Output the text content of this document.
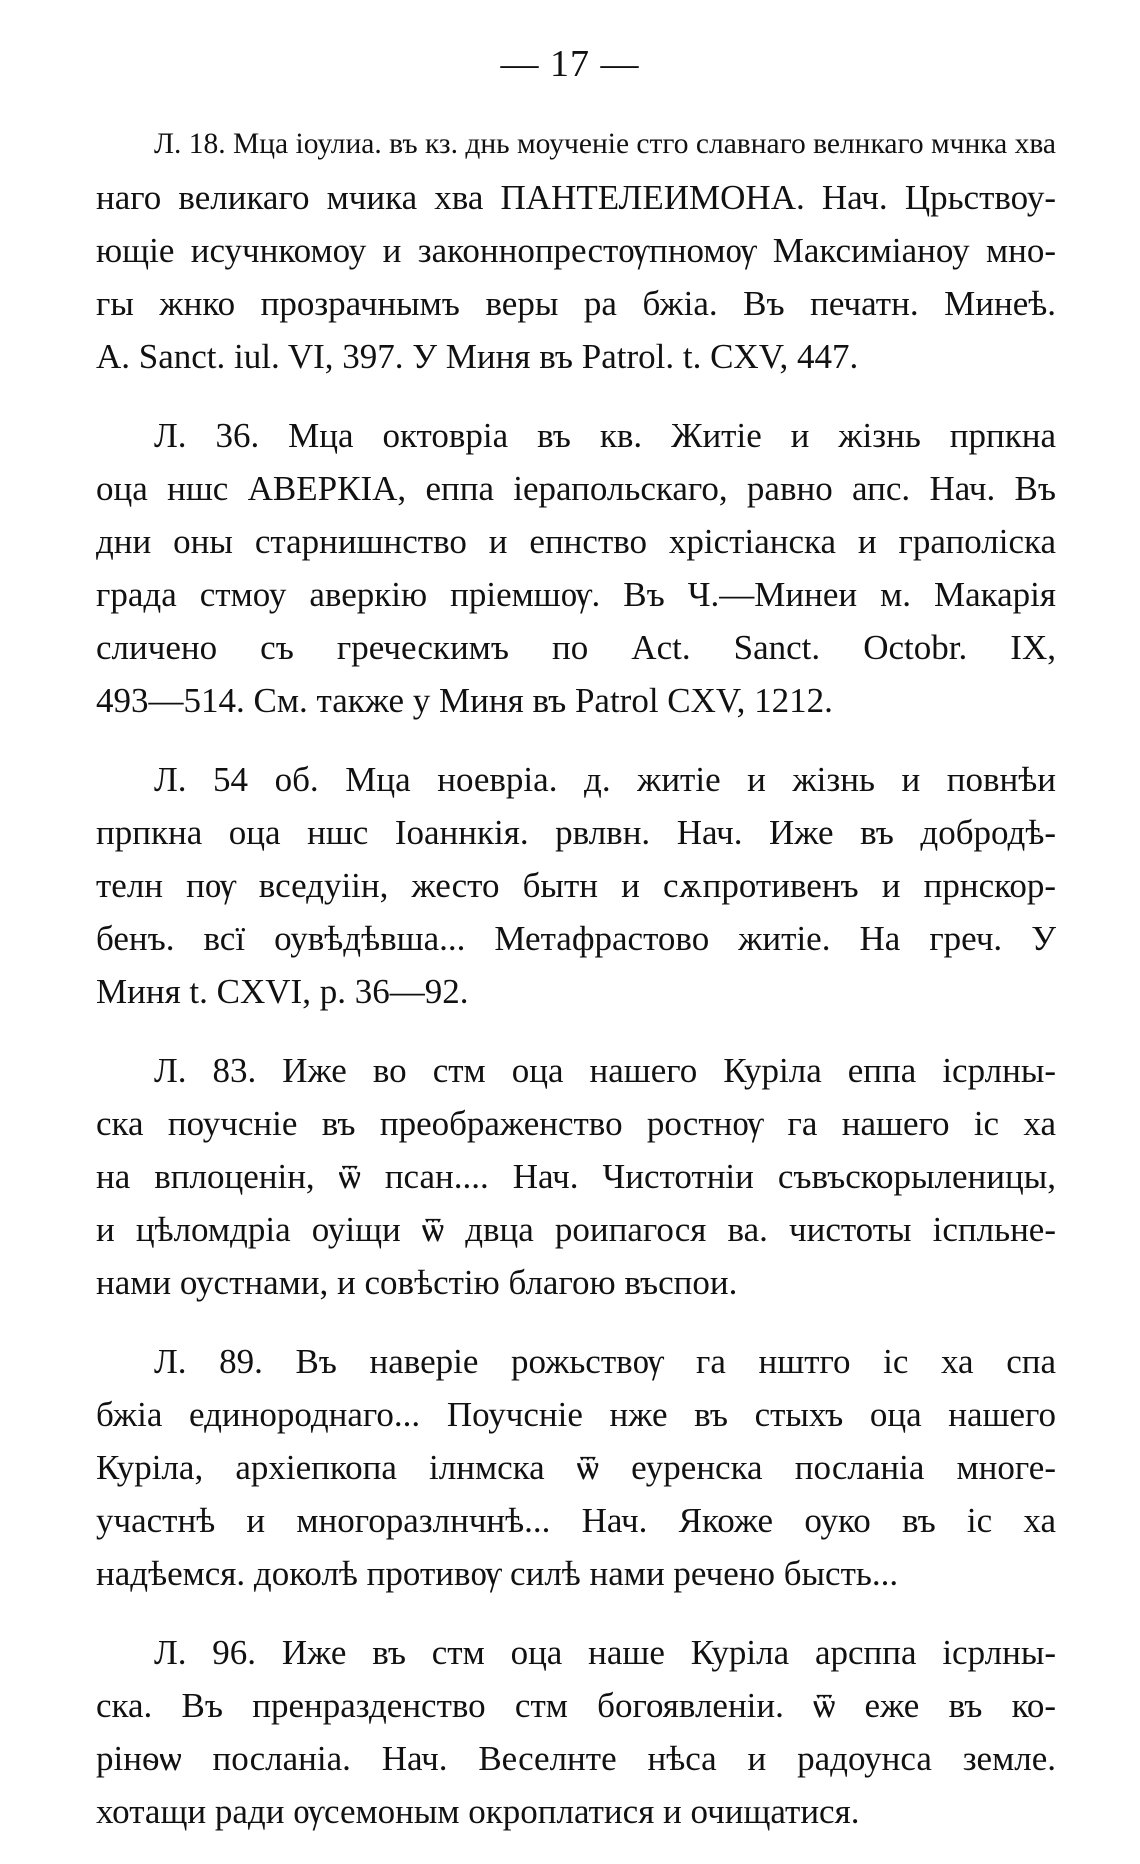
— 17 —
Л. 18. Мца іоулиа. въ кз. днь моученіе стго славнаго велнкаго мчнка хва
наго великаго мчика хва ПАНТЕЛЕИМОНА. Нач. Црьствоу-
ющіе исучнкомоу и законнопрестѹпномѹ Максиміаноу мно-
гы жнко прозрачнымъ веры ра бжіа. Въ печатн. Минеѣ.
A. Sanct. iul. VI, 397. У Миня въ Patrol. t. CXV, 447.
Л. 36. Мца октоврia въ кв. Житіе и жізнь прпкна
оца ншс АВЕРКІА, еппа іерапольскаго, равно апс. Нач. Въ
дни оны старнишнство и епнство хрістіанска и граполіска
града стмоу аверкію пріемшѹ. Въ Ч.—Минеи м. Макарія
сличено съ греческимъ по Act. Sanct. Octobr. IX,
493—514. См. также у Миня въ Patrol CXV, 1212.
Л. 54 об. Мца ноеврia. д. житіе и жізнь и повнѣи
прпкна оца ншс Іоаннкія. рвлвн. Нач. Иже въ добродѣ-
телн пѹ вседуіін, жесто бытн и сѫпротивенъ и прнскор-
бенъ. всї оувѣдѣвша... Метафрастово житіе. На греч. У
Миня t. CXVI, p. 36—92.
Л. 83. Иже во стм оца нашего Куріла еппа ісрлны-
ска поучсніе въ преображенство ростнѹ га нашего іс ха
на вплоценін, ѿ псан.... Нач. Чистотніи съвъскорыленицы,
и цѣломдріа оуіщи ѿ двца роипагося ва. чистоты іспльне-
нами оустнами, и совѣстію благою въспои.
Л. 89. Въ наверіе рожьствѹ га нштго іс ха спа
бжіа единороднаго... Поучсніе нже въ стыхъ оца нашего
Куріла, архіепкопа ілнмска ѿ еуренска посланіа многе-
участнѣ и многоразлнчнѣ... Нач. Якоже оуко въ іс ха
надѣемся. доколѣ противѹ силѣ нами речено бысть...
Л. 96. Иже въ стм оца наше Куріла арсппа ісрлны-
ска. Въ пренразденство стм богоявленіи. ѿ еже въ ко-
рінѳѡ посланіа. Нач. Веселнте нѣса и радоунса земле.
хотащи ради ѹсемоным окроплатися и очищатися.
